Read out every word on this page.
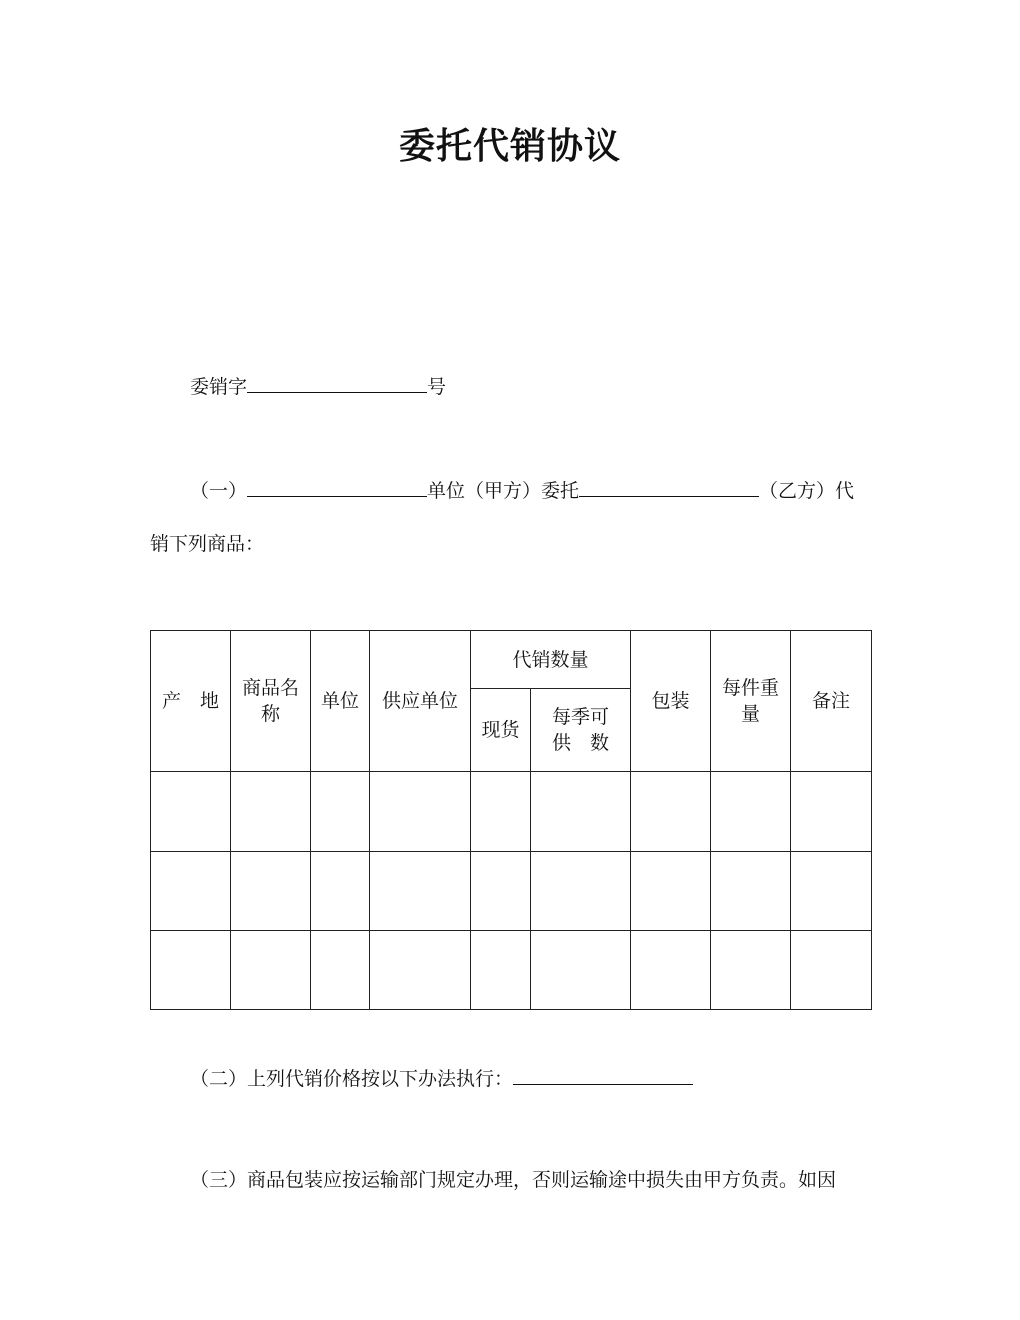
委托代销协议
委销字	号
（一）	单位（甲方）委托	（乙方）代
销下列商品：
产　地	商品名称	单位	供应单位	代销数量		包装	每件重量	备注
				现货	每季可供　数			

（二）上列代销价格按以下办法执行：
（三）商品包装应按运输部门规定办理，否则运输途中损失由甲方负责。如因
